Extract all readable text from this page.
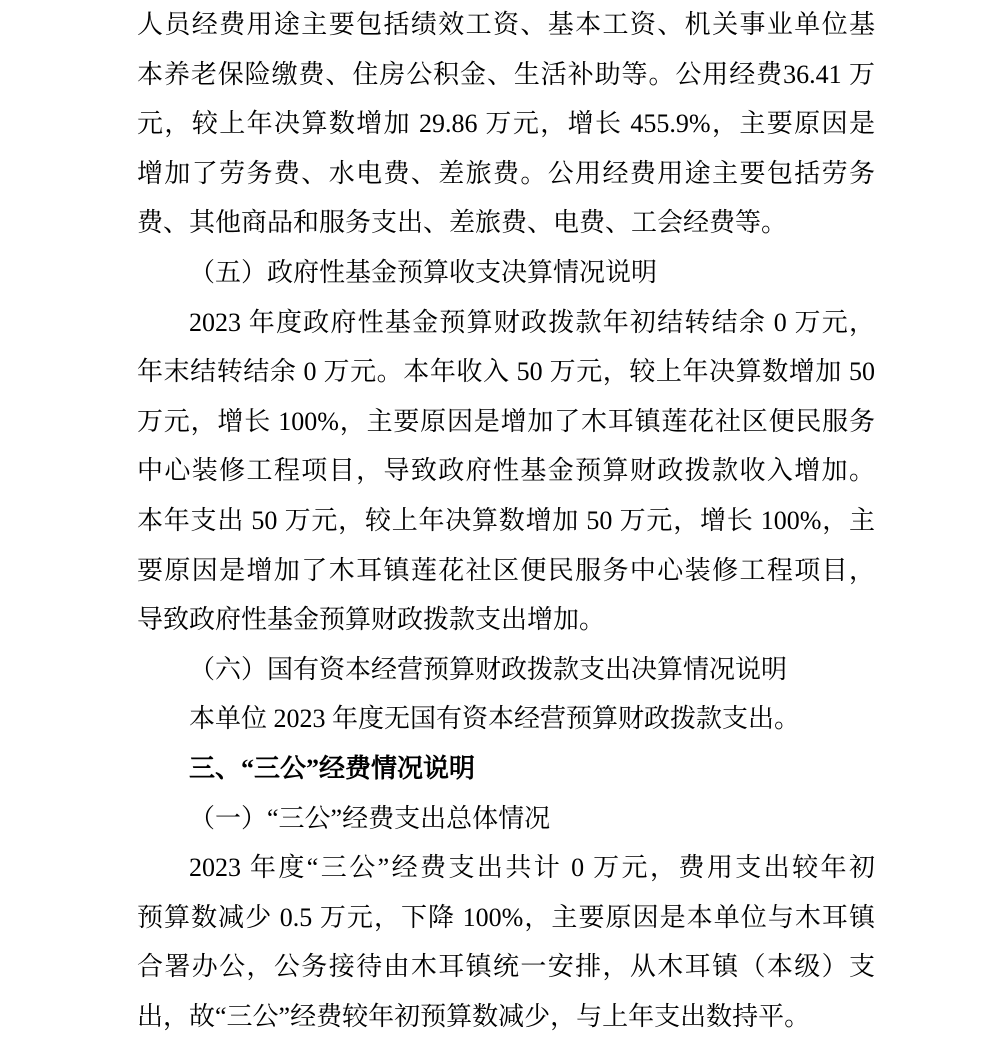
人员经费用途主要包括绩效工资、基本工资、机关事业单位基
本养老保险缴费、住房公积金、生活补助等。公用经费36.41 万
元，较上年决算数增加 29.86 万元，增长 455.9%，主要原因是
增加了劳务费、水电费、差旅费。公用经费用途主要包括劳务
费、其他商品和服务支出、差旅费、电费、工会经费等。
（五）政府性基金预算收支决算情况说明
2023 年度政府性基金预算财政拨款年初结转结余 0 万元，
年末结转结余 0 万元。本年收入 50 万元，较上年决算数增加 50
万元，增长 100%，主要原因是增加了木耳镇莲花社区便民服务
中心装修工程项目，导致政府性基金预算财政拨款收入增加。
本年支出 50 万元，较上年决算数增加 50 万元，增长 100%，主
要原因是增加了木耳镇莲花社区便民服务中心装修工程项目，
导致政府性基金预算财政拨款支出增加。
（六）国有资本经营预算财政拨款支出决算情况说明
本单位 2023 年度无国有资本经营预算财政拨款支出。
三、“三公”经费情况说明
（一）“三公”经费支出总体情况
2023 年度“三公”经费支出共计 0 万元，费用支出较年初
预算数减少 0.5 万元，下降 100%，主要原因是本单位与木耳镇
合署办公，公务接待由木耳镇统一安排，从木耳镇（本级）支
出，故“三公”经费较年初预算数减少，与上年支出数持平。
